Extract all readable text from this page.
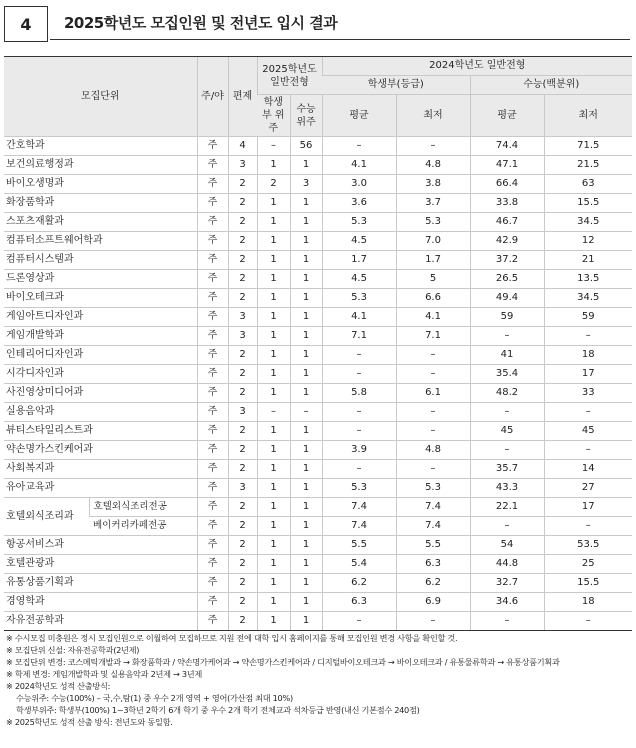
4	2025학년도 모집인원 및 전년도 입시 결과
모집단위		주/야	편제	2025학년도 일반전형		2024학년도 일반전형			
						학생부(등급)		수능(백분위)	
				학생부 위주	수능 위주	평균	최저	평균	최저
간호학과		주	4	–	56	–	–	74.4	71.5
보건의료행정과		주	3	1	1	4.1	4.8	47.1	21.5
바이오생명과		주	2	2	3	3.0	3.8	66.4	63
화장품학과		주	2	1	1	3.6	3.7	33.8	15.5
스포츠재활과		주	2	1	1	5.3	5.3	46.7	34.5
컴퓨터소프트웨어학과		주	2	1	1	4.5	7.0	42.9	12
컴퓨터시스템과		주	2	1	1	1.7	1.7	37.2	21
드론영상과		주	2	1	1	4.5	5	26.5	13.5
바이오테크과		주	2	1	1	5.3	6.6	49.4	34.5
게임아트디자인과		주	3	1	1	4.1	4.1	59	59
게임개발학과		주	3	1	1	7.1	7.1	–	–
인테리어디자인과		주	2	1	1	–	–	41	18
시각디자인과		주	2	1	1	–	–	35.4	17
사진영상미디어과		주	2	1	1	5.8	6.1	48.2	33
실용음악과		주	3	–	–	–	–	–	–
뷰티스타일리스트과		주	2	1	1	–	–	45	45
약손명가스킨케어과		주	2	1	1	3.9	4.8	–	–
사회복지과		주	2	1	1	–	–	35.7	14
유아교육과		주	3	1	1	5.3	5.3	43.3	27
호텔외식조리과	호텔외식조리전공	주	2	1	1	7.4	7.4	22.1	17
	베이커리카페전공	주	2	1	1	7.4	7.4	–	–
항공서비스과		주	2	1	1	5.5	5.5	54	53.5
호텔관광과		주	2	1	1	5.4	6.3	44.8	25
유통상품기획과		주	2	1	1	6.2	6.2	32.7	15.5
경영학과		주	2	1	1	6.3	6.9	34.6	18
자유전공학과		주	2	1	1	–	–	–	–
※ 수시모집 미충원은 정시 모집인원으로 이월하여 모집하므로 지원 전에 대학 입시 홈페이지를 통해 모집인원 변경 사항을 확인할 것.
※ 모집단위 신설: 자유전공학과(2년제)
※ 모집단위 변경: 코스메틱개발과 → 화장품학과 / 약손명가케어과 → 약손명가스킨케어과 / 디지털바이오테크과 → 바이오테크과 / 유통물류학과 → 유통상품기획과
※ 학제 변경: 게임개발학과 및 실용음악과 2년제 → 3년제
※ 2024학년도 성적 산출방식:
수능위주: 수능(100%) – 국,수,탐(1) 중 우수 2개 영역 + 영어(가산점 최대 10%)
학생부위주: 학생부(100%) 1~3학년 2학기 6개 학기 중 우수 2개 학기 전체교과 석차등급 반영(내신 기본점수 240점)
※ 2025학년도 성적 산출 방식: 전년도와 동일함.
